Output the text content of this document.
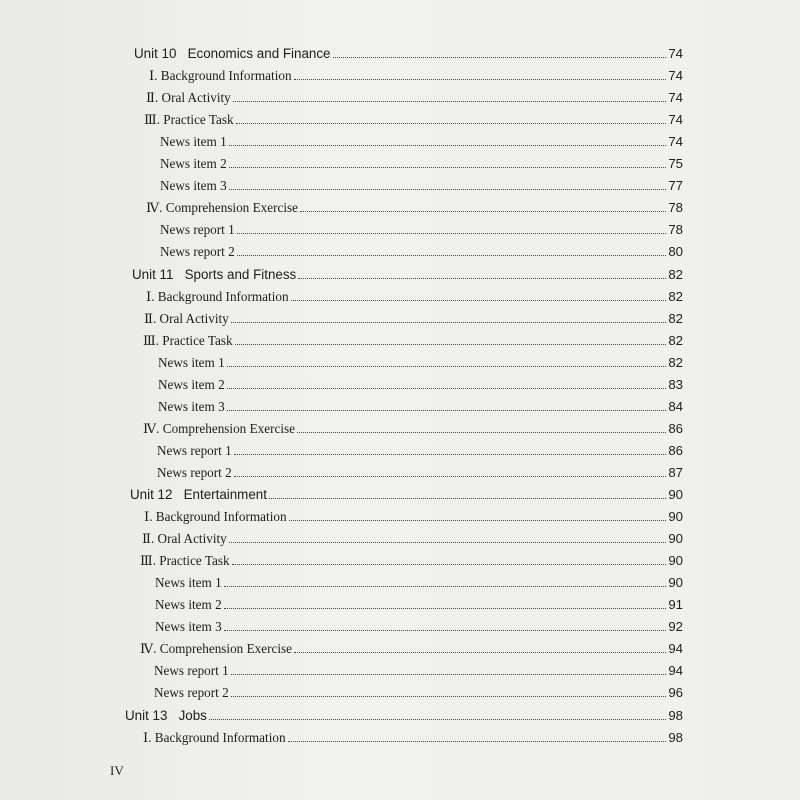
Unit 10   Economics and Finance	74
Ⅰ. Background Information	74
Ⅱ. Oral Activity	74
Ⅲ. Practice Task	74
News item 1	74
News item 2	75
News item 3	77
Ⅳ. Comprehension Exercise	78
News report 1	78
News report 2	80
Unit 11   Sports and Fitness	82
Ⅰ. Background Information	82
Ⅱ. Oral Activity	82
Ⅲ. Practice Task	82
News item 1	82
News item 2	83
News item 3	84
Ⅳ. Comprehension Exercise	86
News report 1	86
News report 2	87
Unit 12   Entertainment	90
Ⅰ. Background Information	90
Ⅱ. Oral Activity	90
Ⅲ. Practice Task	90
News item 1	90
News item 2	91
News item 3	92
Ⅳ. Comprehension Exercise	94
News report 1	94
News report 2	96
Unit 13   Jobs	98
Ⅰ. Background Information	98
IV
